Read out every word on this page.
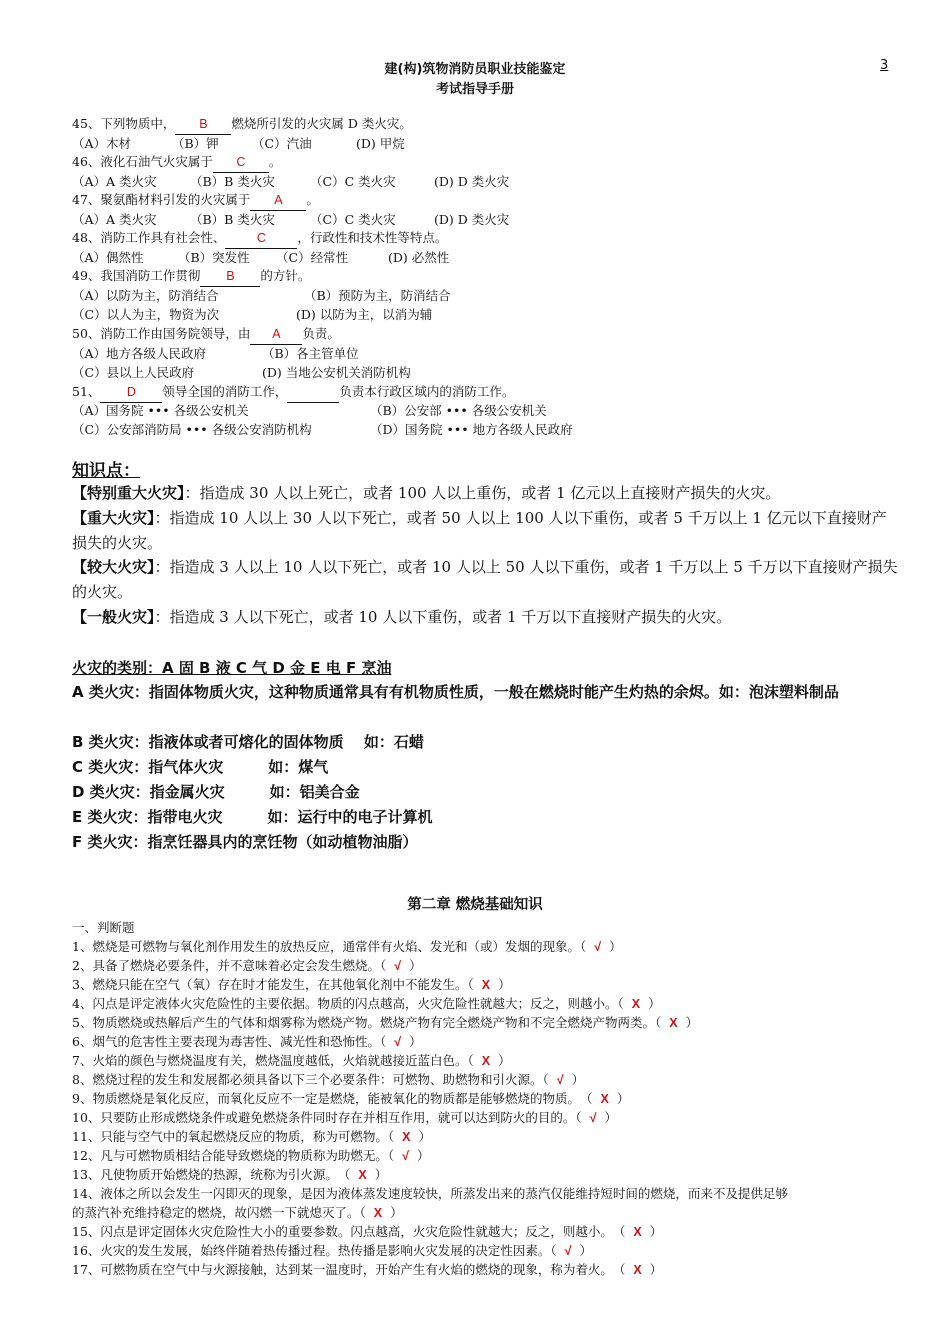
建(构)筑物消防员职业技能鉴定
考试指导手册
3
45、下列物质中， B 燃烧所引发的火灾属 D 类火灾。
（A）木材	（B）钾	（C）汽油	(D) 甲烷
46、液化石油气火灾属于 C 。
（A）A 类火灾	（B）B 类火灾	（C）C 类火灾	(D) D 类火灾
47、聚氨酯材料引发的火灾属于 A 。
（A）A 类火灾	（B）B 类火灾	（C）C 类火灾	(D) D 类火灾
48、消防工作具有社会性、	C	，行政性和技术性等特点。
（A）偶然性	（B）突发性 （C）经常性	(D) 必然性
49、我国消防工作贯彻 B 的方针。
（A）以防为主，防消结合	（B）预防为主，防消结合
（C）以人为主，物资为次	(D) 以防为主，以消为辅
50、消防工作由国务院领导，由 A 负责。
（A）地方各级人民政府	（B）各主管单位
（C）县以上人民政府	(D) 当地公安机关消防机构
51、 D 领导全国的消防工作，	负责本行政区域内的消防工作。
（A）国务院 ••• 各级公安机关	（B）公安部 ••• 各级公安机关
（C）公安部消防局 ••• 各级公安消防机构	（D）国务院 ••• 地方各级人民政府
知识点：
【特别重大火灾】：指造成 30 人以上死亡，或者 100 人以上重伤，或者 1 亿元以上直接财产损失的火灾。
【重大火灾】：指造成 10 人以上 30 人以下死亡，或者 50 人以上 100 人以下重伤，或者 5 千万以上 1 亿元以下直接财产损失的火灾。
【较大火灾】：指造成 3 人以上 10 人以下死亡，或者 10 人以上 50 人以下重伤，或者 1 千万以上 5 千万以下直接财产损失的火灾。
【一般火灾】：指造成 3 人以下死亡，或者 10 人以下重伤，或者 1 千万以下直接财产损失的火灾。
火灾的类别：A 固 B 液 C 气 D 金 E 电 F 烹油
A 类火灾：指固体物质火灾，这种物质通常具有有机物质性质，一般在燃烧时能产生灼热的余烬。如：泡沫塑料制品
B 类火灾：指液体或者可熔化的固体物质　 如：石蜡
C 类火灾：指气体火灾　　　如：煤气
D 类火灾：指金属火灾　　　如：铝美合金
E 类火灾：指带电火灾　　　如：运行中的电子计算机
F 类火灾：指烹饪器具内的烹饪物（如动植物油脂）
第二章 燃烧基础知识
一、判断题
1、燃烧是可燃物与氧化剂作用发生的放热反应，通常伴有火焰、发光和（或）发烟的现象。（ √ ）
2、具备了燃烧必要条件，并不意味着必定会发生燃烧。（ √ ）
3、燃烧只能在空气（氧）存在时才能发生，在其他氧化剂中不能发生。（ X ）
4、闪点是评定液体火灾危险性的主要依据。物质的闪点越高，火灾危险性就越大；反之，则越小。（ X ）
5、物质燃烧或热解后产生的气体和烟雾称为燃烧产物。燃烧产物有完全燃烧产物和不完全燃烧产物两类。（ X ）
6、烟气的危害性主要表现为毒害性、减光性和恐怖性。（ √ ）
7、火焰的颜色与燃烧温度有关，燃烧温度越低，火焰就越接近蓝白色。（ X ）
8、燃烧过程的发生和发展都必须具备以下三个必要条件：可燃物、助燃物和引火源。（ √ ）
9、物质燃烧是氧化反应，而氧化反应不一定是燃烧，能被氧化的物质都是能够燃烧的物质。　（ X ）
10、只要防止形成燃烧条件或避免燃烧条件同时存在并相互作用，就可以达到防火的目的。（ √ ）
11、只能与空气中的氧起燃烧反应的物质，称为可燃物。（ X ）
12、凡与可燃物质相结合能导致燃烧的物质称为助燃无。（ √ ）
13、凡使物质开始燃烧的热源，统称为引火源。　（ X ）
14、液体之所以会发生一闪即灭的现象，是因为液体蒸发速度较快，所蒸发出来的蒸汽仅能维持短时间的燃烧，而来不及提供足够
的蒸汽补充维持稳定的燃烧，故闪燃一下就熄灭了。（ X ）
15、闪点是评定固体火灾危险性大小的重要参数。闪点越高，火灾危险性就越大；反之，则越小。　（ X ）
16、火灾的发生发展，始终伴随着热传播过程。热传播是影响火灾发展的决定性因素。（ √ ）
17、可燃物质在空气中与火源接触，达到某一温度时，开始产生有火焰的燃烧的现象，称为着火。　（ X ）
